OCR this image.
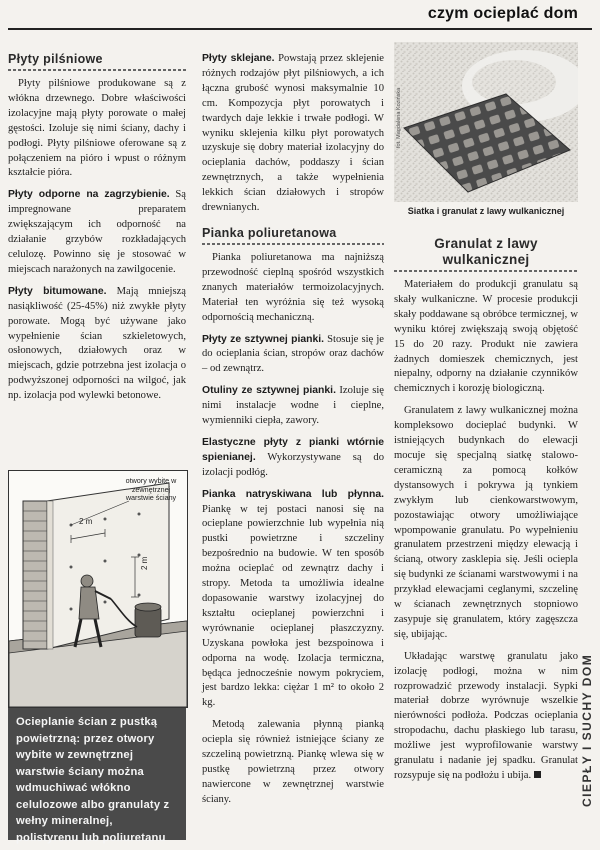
czym ocieplać dom
Płyty pilśniowe

Płyty pilśniowe produkowane są z włókna drzewnego. Dobre właściwości izolacyjne mają płyty porowate o małej gęstości. Izoluje się nimi ściany, dachy i podłogi. Płyty pilśniowe oferowane są z połączeniem na pióro i wpust o różnym kształcie pióra.

Płyty odporne na zagrzybienie. Są impregnowane preparatem zwiększającym ich odporność na działanie grzybów rozkładających celulozę. Powinno się je stosować w miejscach narażonych na zawilgocenie.

Płyty bitumowane. Mają mniejszą nasiąkliwość (25-45%) niż zwykłe płyty porowate. Mogą być używane jako wypełnienie ścian szkieletowych, osłonowych, działowych oraz w miejscach, gdzie potrzebna jest izolacja o podwyższonej odporności na wilgoć, jak np. izolacja pod wylewki betonowe.

otwory wybite w zewnętrznej warstwie ściany
2 m
2 m

Ocieplanie ścian z pustką powietrzną: przez otwory wybite w zewnętrznej warstwie ściany można wdmuchiwać włókno celulozowe albo granulaty z wełny mineralnej, polistyrenu lub poliuretanu

Płyty sklejane. Powstają przez sklejenie różnych rodzajów płyt pilśniowych, a ich łączna grubość wynosi maksymalnie 10 cm. Kompozycja płyt porowatych i twardych daje lekkie i trwałe podłogi. W wyniku sklejenia kilku płyt porowatych uzyskuje się dobry materiał izolacyjny do ocieplania dachów, poddaszy i ścian zewnętrznych, a także wypełnienia lekkich ścian działowych i stropów drewnianych.

Pianka poliuretanowa

Pianka poliuretanowa ma najniższą przewodność cieplną spośród wszystkich znanych materiałów termoizolacyjnych. Materiał ten wyróżnia się też wysoką odpornością mechaniczną.

Płyty ze sztywnej pianki. Stosuje się je do ocieplania ścian, stropów oraz dachów – od zewnątrz.

Otuliny ze sztywnej pianki. Izoluje się nimi instalacje wodne i cieplne, wymienniki ciepła, zawory.

Elastyczne płyty z pianki wtórnie spienianej. Wykorzystywane są do izolacji podłóg.

Pianka natryskiwana lub płynna. Piankę w tej postaci nanosi się na ocieplane powierzchnie lub wypełnia nią pustki powietrzne i szczeliny bezpośrednio na budowie. W ten sposób można ocieplać od zewnątrz dachy i stropy. Metoda ta umożliwia idealne dopasowanie warstwy izolacyjnej do kształtu ocieplanej powierzchni i wyrównanie ocieplanej płaszczyzny. Uzyskana powłoka jest bezspoinowa i odporna na wodę. Izolacja termiczna, będąca jednocześnie nowym pokryciem, jest bardzo lekka: ciężar 1 m² to około 2 kg.

Metodą zalewania płynną pianką ociepla się również istniejące ściany ze szczeliną powietrzną. Piankę wlewa się w pustkę powietrzną przez otwory nawiercone w zewnętrznej warstwie ściany.

fot. Magdalena Kozińska

Siatka i granulat z lawy wulkanicznej

Granulat z lawy wulkanicznej

Materiałem do produkcji granulatu są skały wulkaniczne. W procesie produkcji skały poddawane są obróbce termicznej, w wyniku której zwiększają swoją objętość 15 do 20 razy. Produkt nie zawiera żadnych domieszek chemicznych, jest niepalny, odporny na działanie czynników chemicznych i korozję biologiczną.

Granulatem z lawy wulkanicznej można kompleksowo docieplać budynki. W istniejących budynkach do elewacji mocuje się specjalną siatkę stalowo-ceramiczną za pomocą kołków dystansowych i pokrywa ją tynkiem zwykłym lub cienkowarstwowym, pozostawiając otwory umożliwiające wpompowanie granulatu. Po wypełnieniu granulatem przestrzeni między elewacją i ścianą, otwory zasklepia się. Jeśli ociepla się budynki ze ścianami warstwowymi i na przykład elewacjami ceglanymi, szczelinę w ścianach zewnętrznych stopniowo zasypuje się granulatem, który zagęszcza się, ubijając.

Układając warstwę granulatu jako izolację podłogi, można w nim rozprowadzić przewody instalacji. Sypki materiał dobrze wyrównuje wszelkie nierówności podłoża. Podczas ocieplania stropodachu, dachu płaskiego lub tarasu, możliwe jest wyprofilowanie warstwy granulatu i nadanie jej spadku. Granulat rozsypuje się na podłożu i ubija.	CIEPŁY I SUCHY DOM
